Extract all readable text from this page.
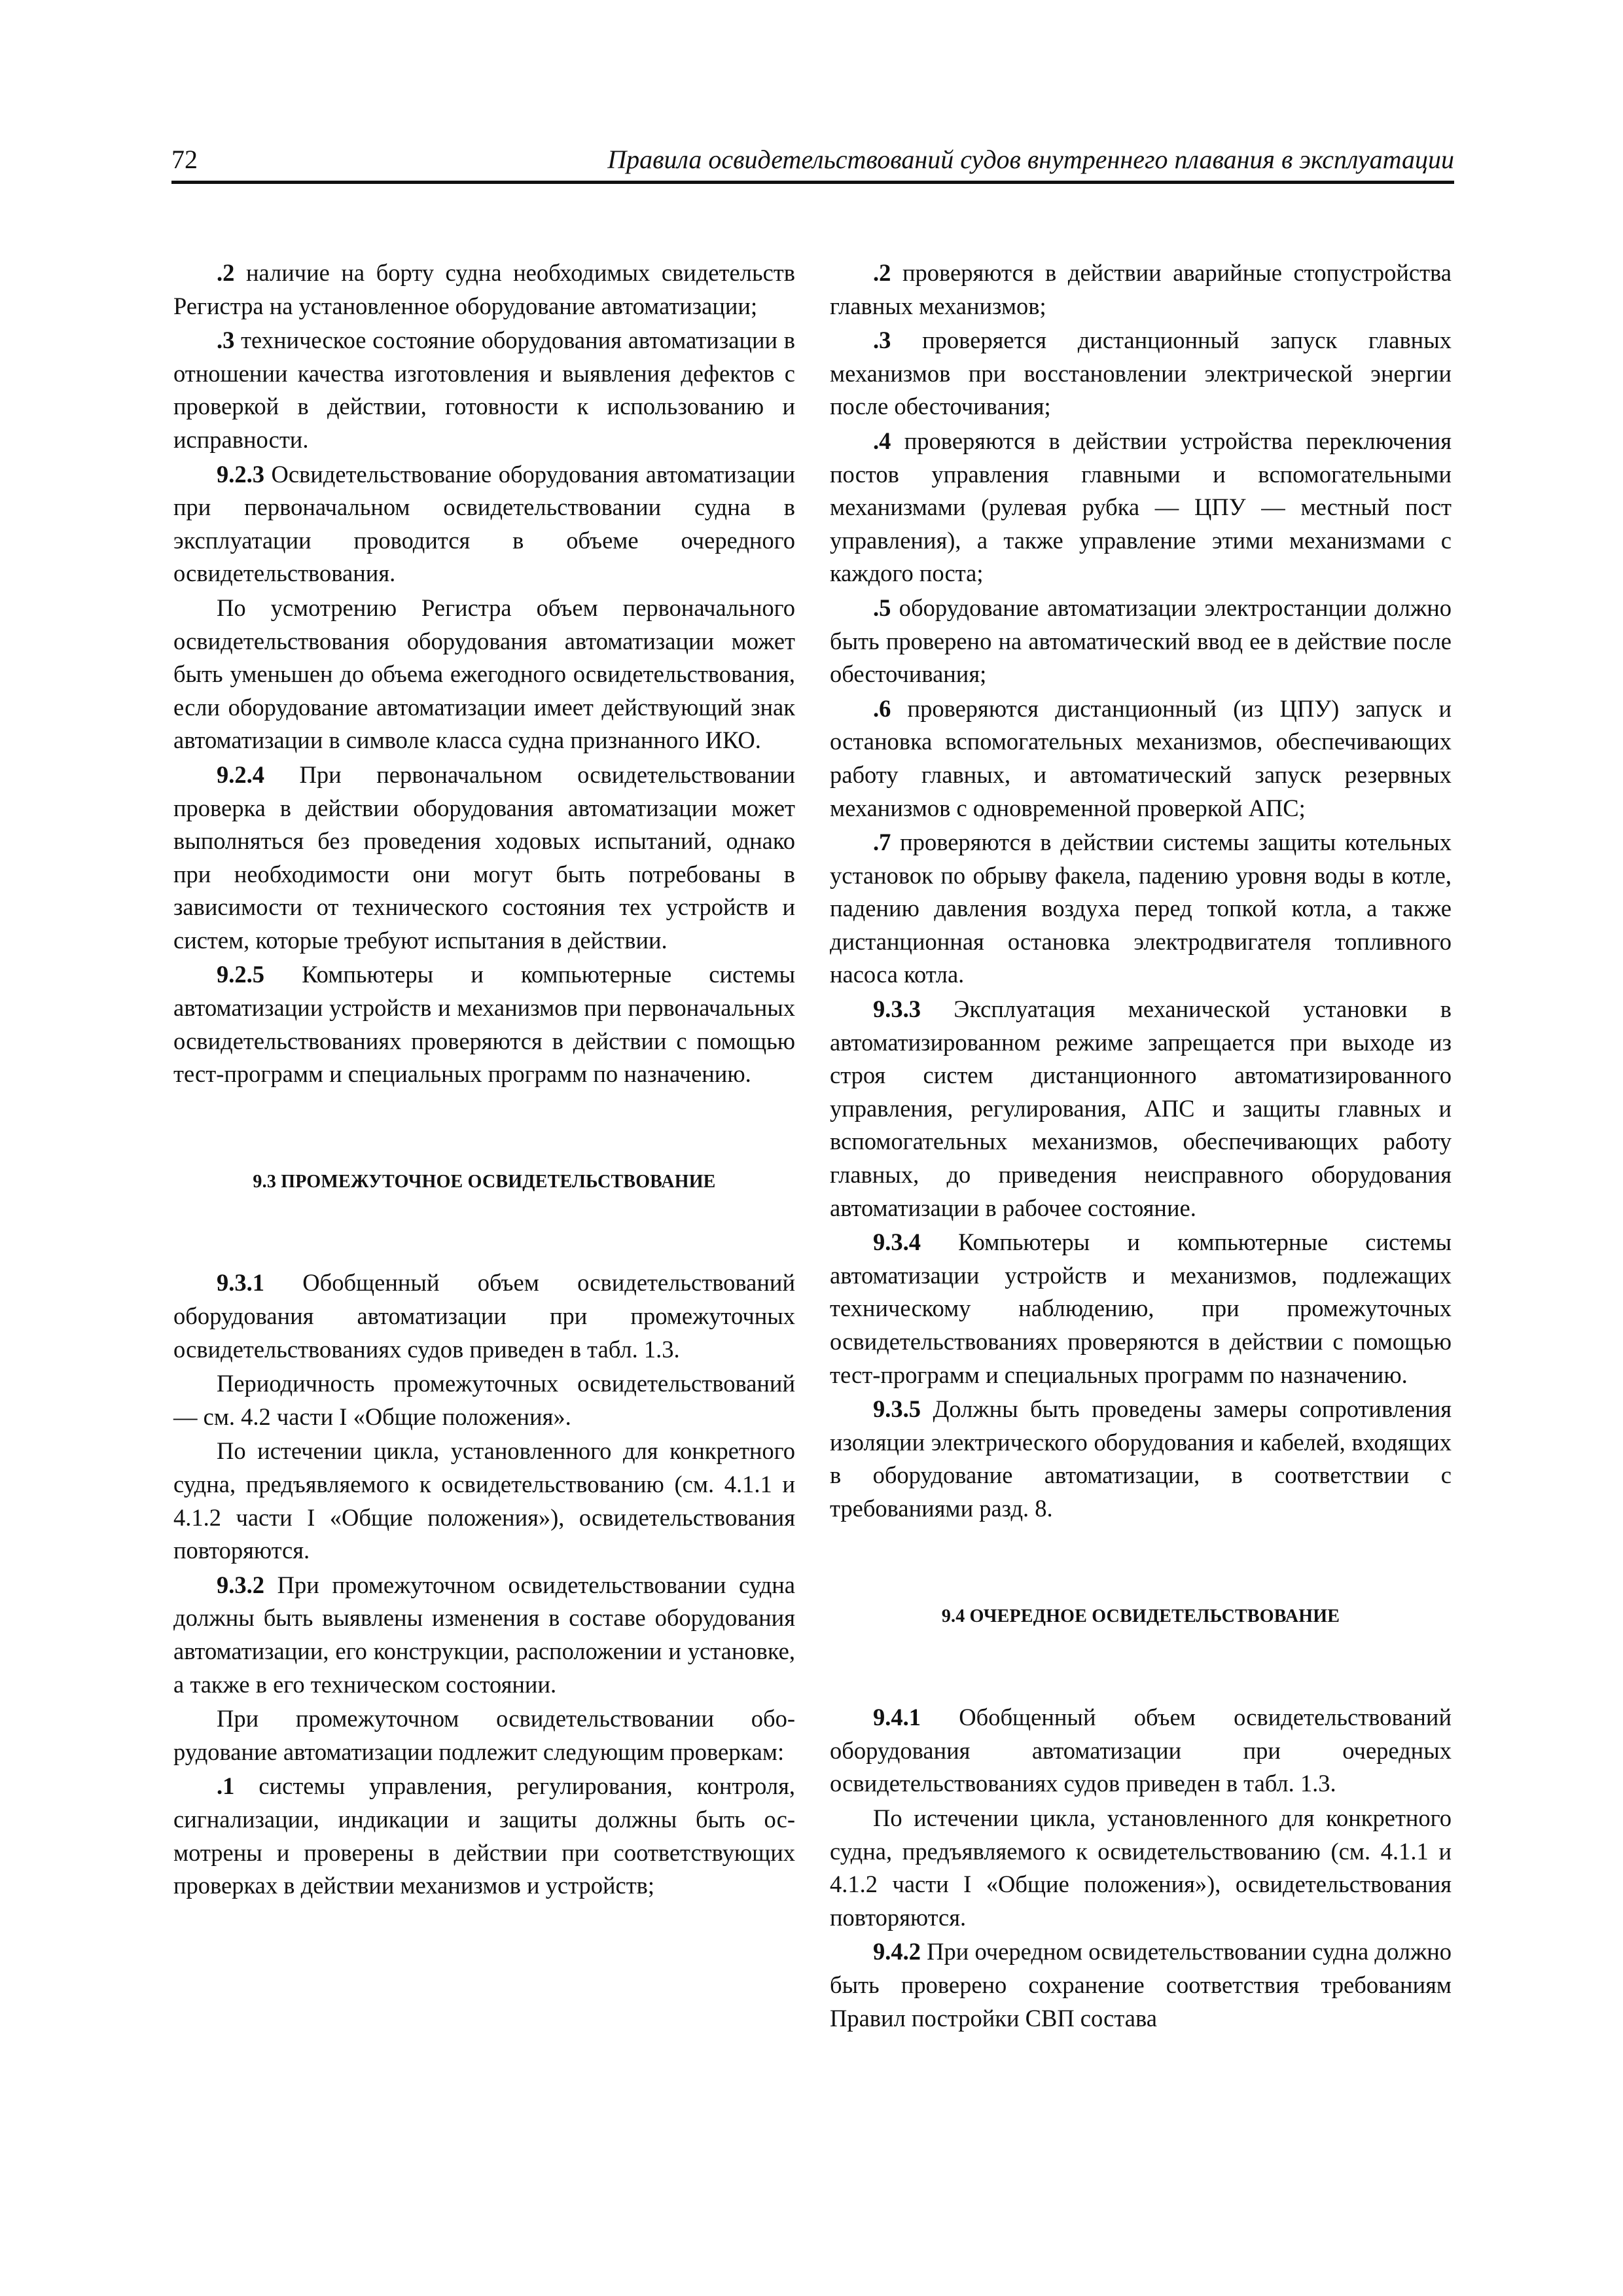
72	Правила освидетельствований судов внутреннего плавания в эксплуатации

.2 наличие на борту судна необходимых свидетельств Регистра на установленное оборудование автоматизации;

.3 техническое состояние оборудования автоматизации в отношении качества изготовления и выявления дефектов с проверкой в действии, готовности к использованию и исправности.

9.2.3 Освидетельствование оборудования автоматизации при первоначальном освидетельствовании судна в эксплуатации проводится в объеме очередного освидетельствования.

По усмотрению Регистра объем первоначального освидетельствования оборудования автоматизации может быть уменьшен до объема ежегодного освидетельствования, если оборудование автоматизации имеет действующий знак автоматизации в символе класса судна признанного ИКО.

9.2.4 При первоначальном освидетельствовании проверка в действии оборудования автоматизации может выполняться без проведения ходовых испытаний, однако при необходимости они могут быть потребованы в зависимости от технического состояния тех устройств и систем, которые требуют испытания в действии.

9.2.5 Компьютеры и компьютерные системы автоматизации устройств и механизмов при первоначальных освидетельствованиях проверяются в действии с помощью тест-программ и специальных программ по назначению.

9.3 ПРОМЕЖУТОЧНОЕ ОСВИДЕТЕЛЬСТВОВАНИЕ

9.3.1 Обобщенный объем освидетельствований оборудования автоматизации при промежуточных освидетельствованиях судов приведен в табл. 1.3.

Периодичность промежуточных освидетельствований — см. 4.2 части I «Общие положения».

По истечении цикла, установленного для конкретного судна, предъявляемого к освидетельствованию (см. 4.1.1 и 4.1.2 части I «Общие положения»), освидетельствования повторяются.

9.3.2 При промежуточном освидетельствовании судна должны быть выявлены изменения в составе оборудования автоматизации, его конструкции, расположении и установке, а также в его техническом состоянии.

При промежуточном освидетельствовании оборудование автоматизации подлежит следующим проверкам:

.1 системы управления, регулирования, контроля, сигнализации, индикации и защиты должны быть осмотрены и проверены в действии при соответствующих проверках в действии механизмов и устройств;

.2 проверяются в действии аварийные стопустройства главных механизмов;

.3 проверяется дистанционный запуск главных механизмов при восстановлении электрической энергии после обесточивания;

.4 проверяются в действии устройства переключения постов управления главными и вспомогательными механизмами (рулевая рубка — ЦПУ — местный пост управления), а также управление этими механизмами с каждого поста;

.5 оборудование автоматизации электростанции должно быть проверено на автоматический ввод ее в действие после обесточивания;

.6 проверяются дистанционный (из ЦПУ) запуск и остановка вспомогательных механизмов, обеспечивающих работу главных, и автоматический запуск резервных механизмов с одновременной проверкой АПС;

.7 проверяются в действии системы защиты котельных установок по обрыву факела, падению уровня воды в котле, падению давления воздуха перед топкой котла, а также дистанционная остановка электродвигателя топливного насоса котла.

9.3.3 Эксплуатация механической установки в автоматизированном режиме запрещается при выходе из строя систем дистанционного автоматизированного управления, регулирования, АПС и защиты главных и вспомогательных механизмов, обеспечивающих работу главных, до приведения неисправного оборудования автоматизации в рабочее состояние.

9.3.4 Компьютеры и компьютерные системы автоматизации устройств и механизмов, подлежащих техническому наблюдению, при промежуточных освидетельствованиях проверяются в действии с помощью тест-программ и специальных программ по назначению.

9.3.5 Должны быть проведены замеры сопротивления изоляции электрического оборудования и кабелей, входящих в оборудование автоматизации, в соответствии с требованиями разд. 8.

9.4 ОЧЕРЕДНОЕ ОСВИДЕТЕЛЬСТВОВАНИЕ

9.4.1 Обобщенный объем освидетельствований оборудования автоматизации при очередных освидетельствованиях судов приведен в табл. 1.3.

По истечении цикла, установленного для конкретного судна, предъявляемого к освидетельствованию (см. 4.1.1 и 4.1.2 части I «Общие положения»), освидетельствования повторяются.

9.4.2 При очередном освидетельствовании судна должно быть проверено сохранение соответствия требованиям Правил постройки СВП состава
